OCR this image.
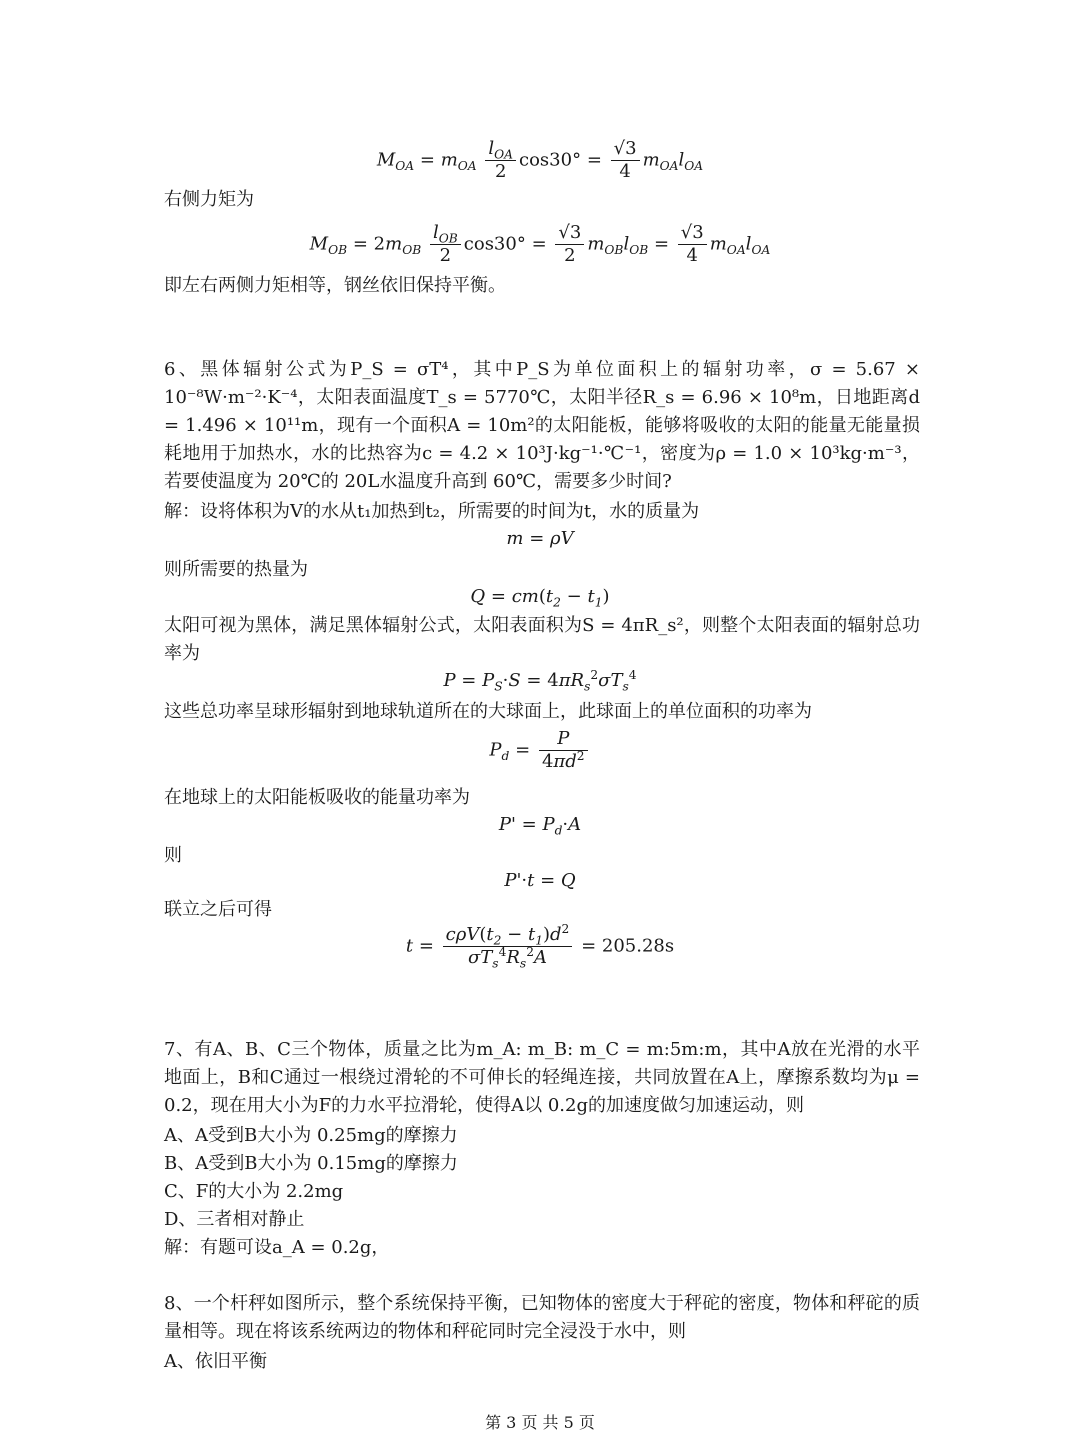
$M_{OA} = m_{OA} \frac{l_{OA}}{2} \cos 30^\circ = \frac{√3}{4} m_{OA}l_{OA}$
右侧力矩为
$M_{OB} = 2m_{OB} \frac{l_{OB}}{2} \cos 30^\circ = \frac{√3}{2} m_{OB}l_{OB} = \frac{√3}{4} m_{OA}l_{OA}$
即左右两侧力矩相等，钢丝依旧保持平衡。
6、黑体辐射公式为P_S = σT⁴，其中P_S为单位面积上的辐射功率，σ = 5.67 × 10⁻⁸W·m⁻²·K⁻⁴，太阳表面温度T_s = 5770℃，太阳半径R_s = 6.96 × 10⁸m，日地距离d = 1.496 × 10¹¹m，现有一个面积A = 10m²的太阳能板，能够将吸收的太阳的能量无能量损耗地用于加热水，水的比热容为c = 4.2 × 10³J·kg⁻¹·℃⁻¹，密度为ρ = 1.0 × 10³kg·m⁻³，若要使温度为 20℃的 20L水温度升高到 60℃，需要多少时间?
解：设将体积为V的水从t₁加热到t₂，所需要的时间为t，水的质量为
m = ρV
则所需要的热量为
$Q = cm(t_2 - t_1)$
太阳可视为黑体，满足黑体辐射公式，太阳表面积为S = 4πR_s²，则整个太阳表面的辐射总功率为
$P = P_S\cdot S = 4\pi R_s^2\sigma T_s^4$
这些总功率呈球形辐射到地球轨道所在的大球面上，此球面上的单位面积的功率为
$P_d = \frac{P}{4\pi d^2}$
在地球上的太阳能板吸收的能量功率为
$P' = P_d\cdot A$
则
P'·t = Q
联立之后可得
$t = \frac{c\rho V(t_2 - t_1)d^2}{\sigma T_s^4R_s^2A} = 205.28s$
7、有A、B、C三个物体，质量之比为m_A: m_B: m_C = m:5m:m，其中A放在光滑的水平地面上，B和C通过一根绕过滑轮的不可伸长的轻绳连接，共同放置在A上，摩擦系数均为μ = 0.2，现在用大小为F的力水平拉滑轮，使得A以 0.2g的加速度做匀加速运动，则
A、A受到B大小为 0.25mg的摩擦力
B、A受到B大小为 0.15mg的摩擦力
C、F的大小为 2.2mg
D、三者相对静止
解：有题可设a_A = 0.2g，
8、一个杆秤如图所示，整个系统保持平衡，已知物体的密度大于秤砣的密度，物体和秤砣的质量相等。现在将该系统两边的物体和秤砣同时完全浸没于水中，则
A、依旧平衡
第 3 页 共 5 页
